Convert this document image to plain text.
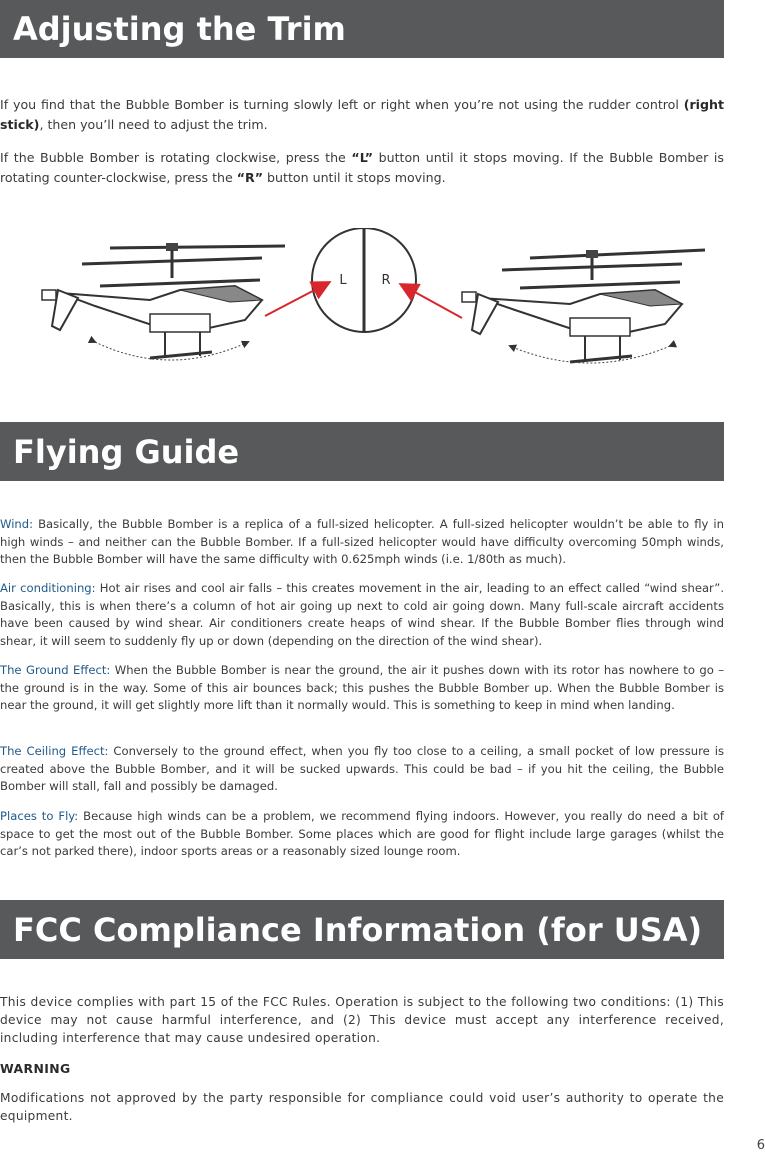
Adjusting the Trim

If you find that the Bubble Bomber is turning slowly left or right when you’re not using the rudder control (right stick), then you’ll need to adjust the trim.

If the Bubble Bomber is rotating clockwise, press the “L” button until it stops moving. If the Bubble Bomber is rotating counter-clockwise, press the “R” button until it stops moving.

L	R
Flying Guide

Wind: Basically, the Bubble Bomber is a replica of a full-sized helicopter. A full-sized helicopter wouldn’t be able to fly in high winds – and neither can the Bubble Bomber. If a full-sized helicopter would have difficulty overcoming 50mph winds, then the Bubble Bomber will have the same difficulty with 0.625mph winds (i.e. 1/80th as much).

Air conditioning: Hot air rises and cool air falls – this creates movement in the air, leading to an effect called “wind shear”. Basically, this is when there’s a column of hot air going up next to cold air going down. Many full-scale aircraft accidents have been caused by wind shear. Air conditioners create heaps of wind shear. If the Bubble Bomber flies through wind shear, it will seem to suddenly fly up or down (depending on the direction of the wind shear).

The Ground Effect: When the Bubble Bomber is near the ground, the air it pushes down with its rotor has nowhere to go – the ground is in the way. Some of this air bounces back; this pushes the Bubble Bomber up. When the Bubble Bomber is near the ground, it will get slightly more lift than it normally would. This is something to keep in mind when landing.

The Ceiling Effect: Conversely to the ground effect, when you fly too close to a ceiling, a small pocket of low pressure is created above the Bubble Bomber, and it will be sucked upwards. This could be bad – if you hit the ceiling, the Bubble Bomber will stall, fall and possibly be damaged.

Places to Fly: Because high winds can be a problem, we recommend flying indoors. However, you really do need a bit of space to get the most out of the Bubble Bomber. Some places which are good for flight include large garages (whilst the car’s not parked there), indoor sports areas or a reasonably sized lounge room.

FCC Compliance Information (for USA)

This device complies with part 15 of the FCC Rules. Operation is subject to the following two conditions: (1) This device may not cause harmful interference, and (2) This device must accept any interference received, including interference that may cause undesired operation.

WARNING

Modifications not approved by the party responsible for compliance could void user’s authority to operate the equipment.

6
